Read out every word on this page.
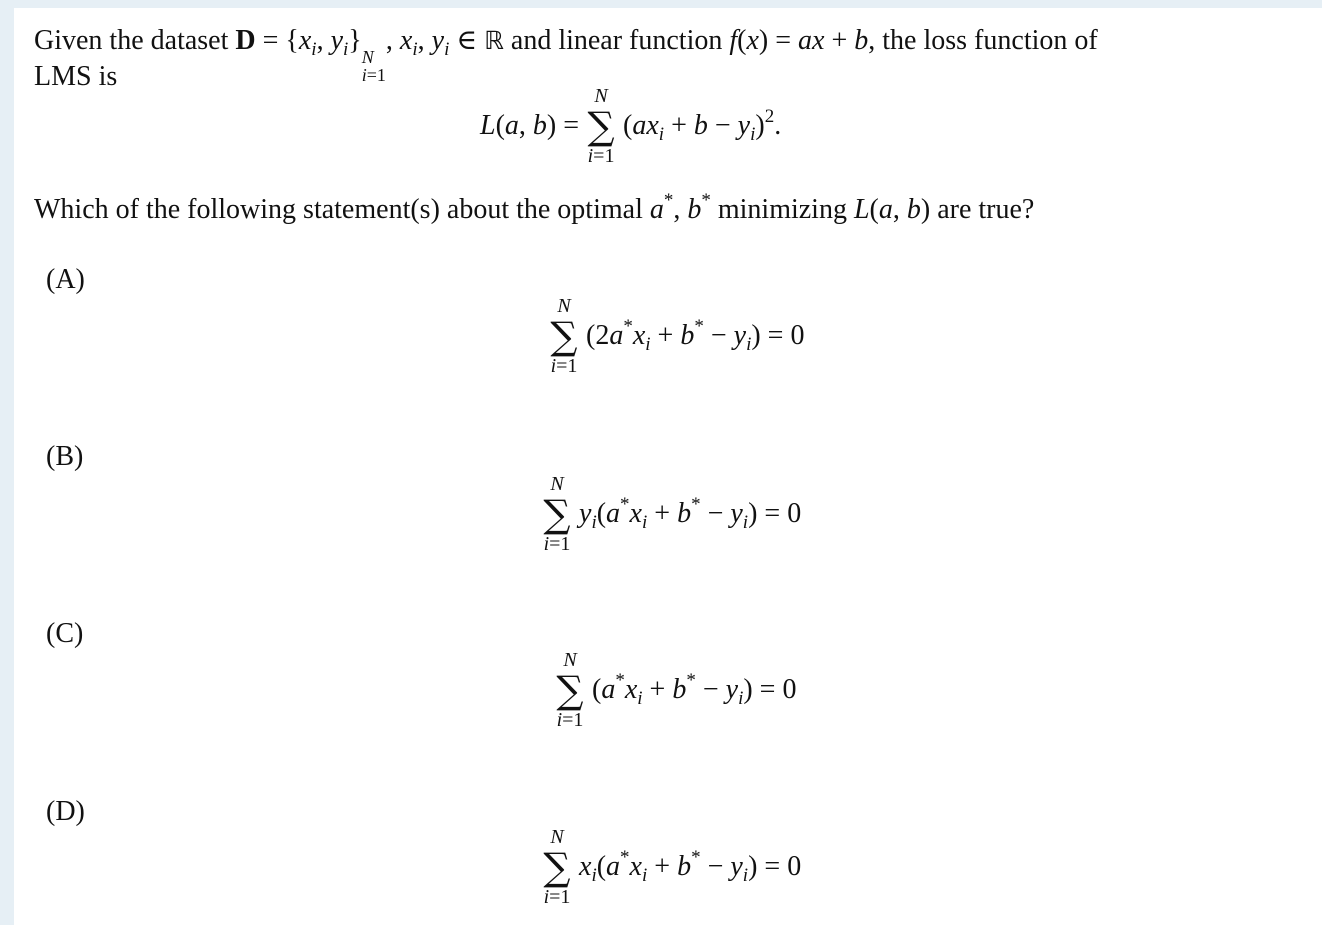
Given the dataset $D = \{x_i$, $y_i$}
N
i=1
, $x_i$, $y_i$ ∈ ℝ and linear function f(x) = ax + b, the loss function of
LMS is
L(a, b) =
N
∑
i=1
$(ax_i + b - y_i)^2$.
Which of the following statement(s) about the optimal a*, b* minimizing L(a, b) are true?
(A)
N
∑
i=1
$(2a^*x_i + b^* - y_i) = 0$
(B)
N
∑
i=1
$y_i(a^*x_i + b^* - y_i) = 0$
(C)
N
∑
i=1
$(a^*x_i + b^* - y_i) = 0$
(D)
N
∑
i=1
$x_i(a^*x_i + b^* - y_i) = 0$
